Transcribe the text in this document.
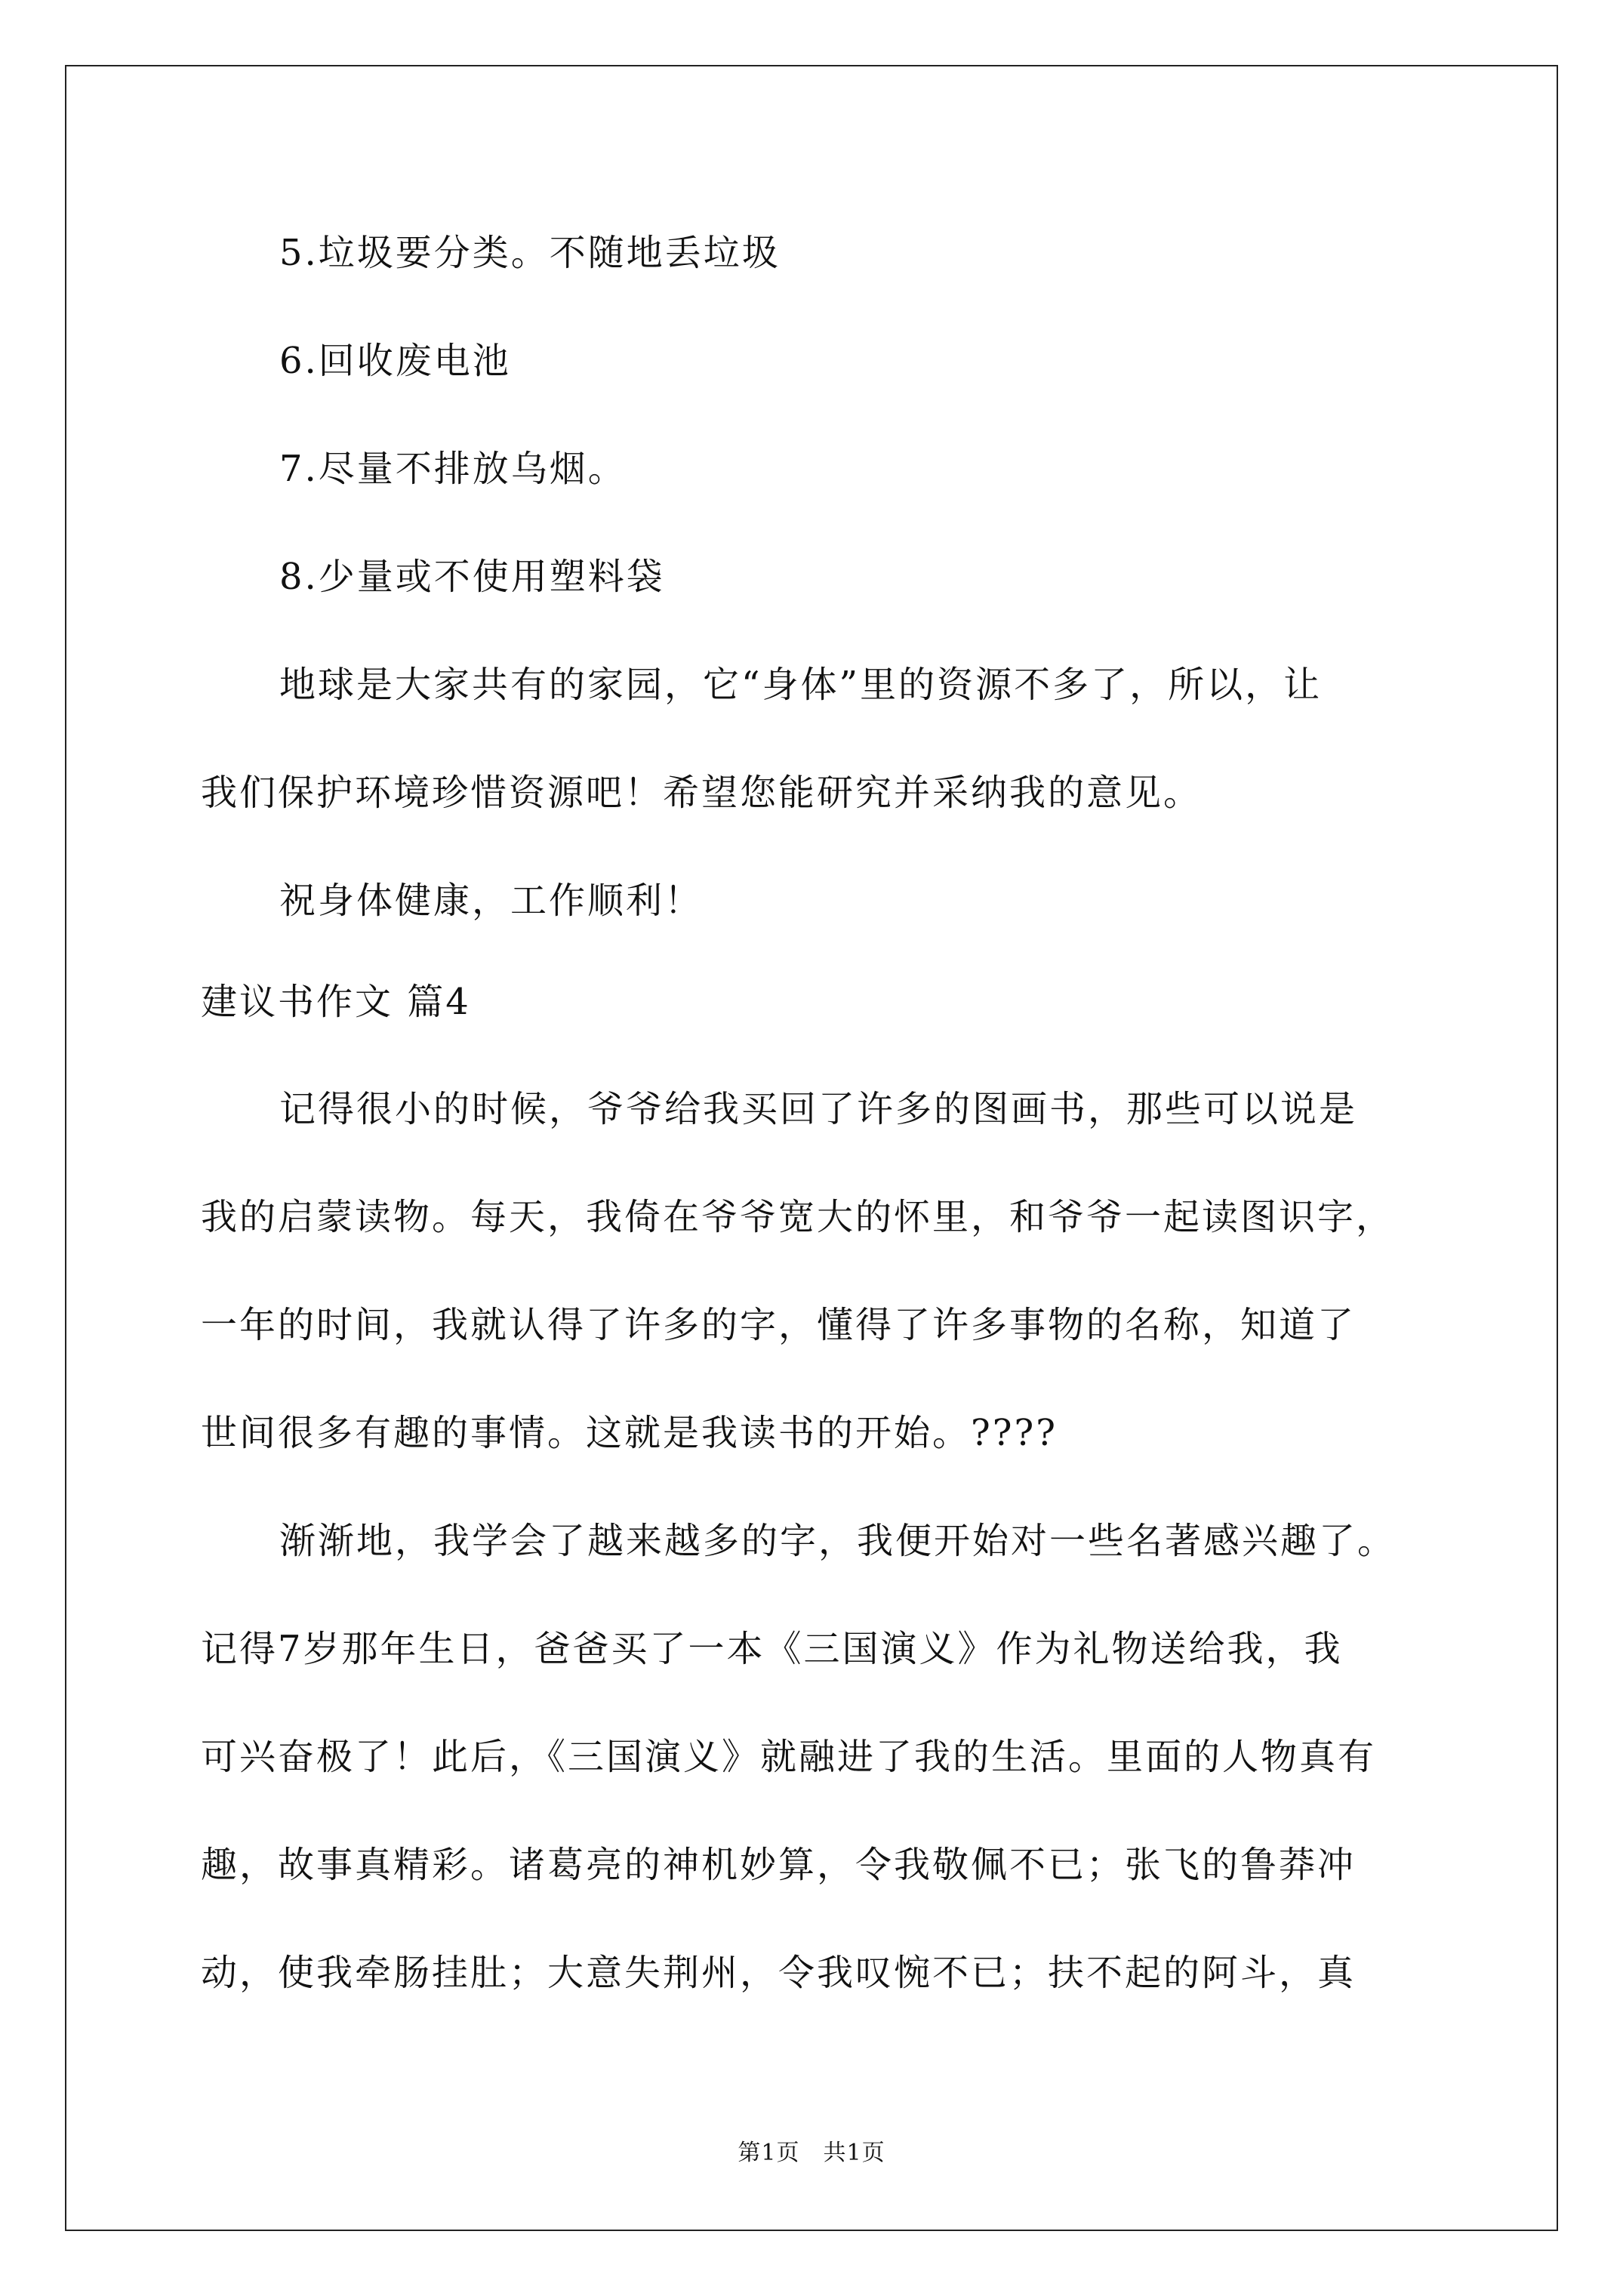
5.垃圾要分类。不随地丢垃圾
6.回收废电池
7.尽量不排放乌烟。
8.少量或不使用塑料袋
地球是大家共有的家园，它“身体”里的资源不多了，所以，让
我们保护环境珍惜资源吧！希望您能研究并采纳我的意见。
祝身体健康，工作顺利！
建议书作文 篇4
记得很小的时候，爷爷给我买回了许多的图画书，那些可以说是
我的启蒙读物。每天，我倚在爷爷宽大的怀里，和爷爷一起读图识字，
一年的时间，我就认得了许多的字，懂得了许多事物的名称，知道了
世间很多有趣的事情。这就是我读书的开始。????
渐渐地，我学会了越来越多的字，我便开始对一些名著感兴趣了。
记得7岁那年生日，爸爸买了一本《三国演义》作为礼物送给我，我
可兴奋极了！此后，《三国演义》就融进了我的生活。里面的人物真有
趣，故事真精彩。诸葛亮的神机妙算，令我敬佩不已；张飞的鲁莽冲
动，使我牵肠挂肚；大意失荆州，令我叹惋不已；扶不起的阿斗，真
第1页　共1页
